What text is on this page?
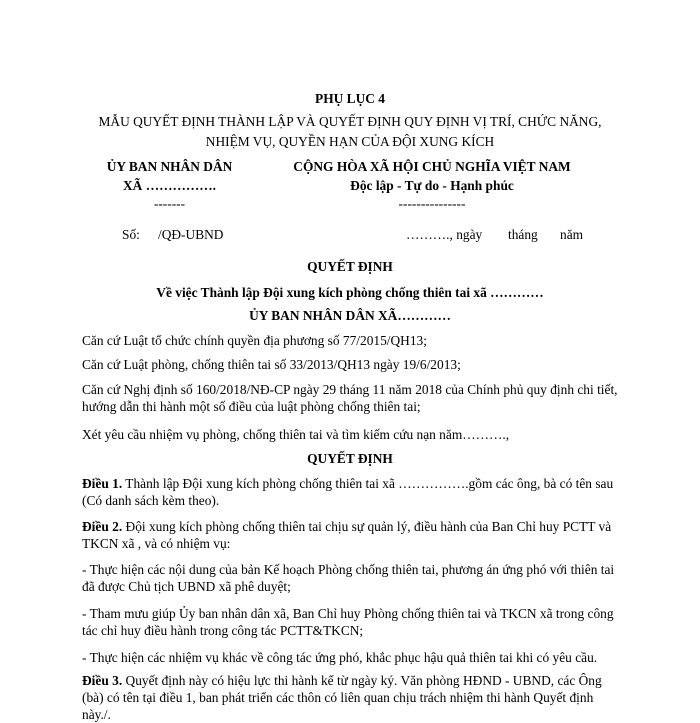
PHỤ LỤC 4
MẪU QUYẾT ĐỊNH THÀNH LẬP VÀ QUYẾT ĐỊNH QUY ĐỊNH VỊ TRÍ, CHỨC NĂNG,
NHIỆM VỤ, QUYỀN HẠN CỦA ĐỘI XUNG KÍCH
ỦY BAN NHÂN DÂN
XÃ …………….
-------
CỘNG HÒA XÃ HỘI CHỦ NGHĨA VIỆT NAM
Độc lập - Tự do - Hạnh phúc
---------------
Số: /QĐ-UBND	………., ngày tháng năm
QUYẾT ĐỊNH
Về việc Thành lập Đội xung kích phòng chống thiên tai xã …………
ỦY BAN NHÂN DÂN XÃ…………
Căn cứ Luật tổ chức chính quyền địa phương số 77/2015/QH13;
Căn cứ Luật phòng, chống thiên tai số 33/2013/QH13 ngày 19/6/2013;
Căn cứ Nghị định số 160/2018/NĐ-CP ngày 29 tháng 11 năm 2018 của Chính phủ quy định chi tiết, hướng dẫn thi hành một số điều của luật phòng chống thiên tai;
Xét yêu cầu nhiệm vụ phòng, chống thiên tai và tìm kiếm cứu nạn năm……….,
QUYẾT ĐỊNH
Điều 1. Thành lập Đội xung kích phòng chống thiên tai xã …………….gồm các ông, bà có tên sau (Có danh sách kèm theo).
Điều 2. Đội xung kích phòng chống thiên tai chịu sự quản lý, điều hành của Ban Chỉ huy PCTT và TKCN xã , và có nhiệm vụ:
- Thực hiện các nội dung của bản Kế hoạch Phòng chống thiên tai, phương án ứng phó với thiên tai đã được Chủ tịch UBND xã phê duyệt;
- Tham mưu giúp Ủy ban nhân dân xã, Ban Chỉ huy Phòng chống thiên tai và TKCN xã trong công tác chỉ huy điều hành trong công tác PCTT&TKCN;
- Thực hiện các nhiệm vụ khác về công tác ứng phó, khắc phục hậu quả thiên tai khi có yêu cầu.
Điều 3. Quyết định này có hiệu lực thi hành kể từ ngày ký. Văn phòng HĐND - UBND, các Ông (bà) có tên tại điều 1, ban phát triển các thôn có liên quan chịu trách nhiệm thi hành Quyết định này./.
